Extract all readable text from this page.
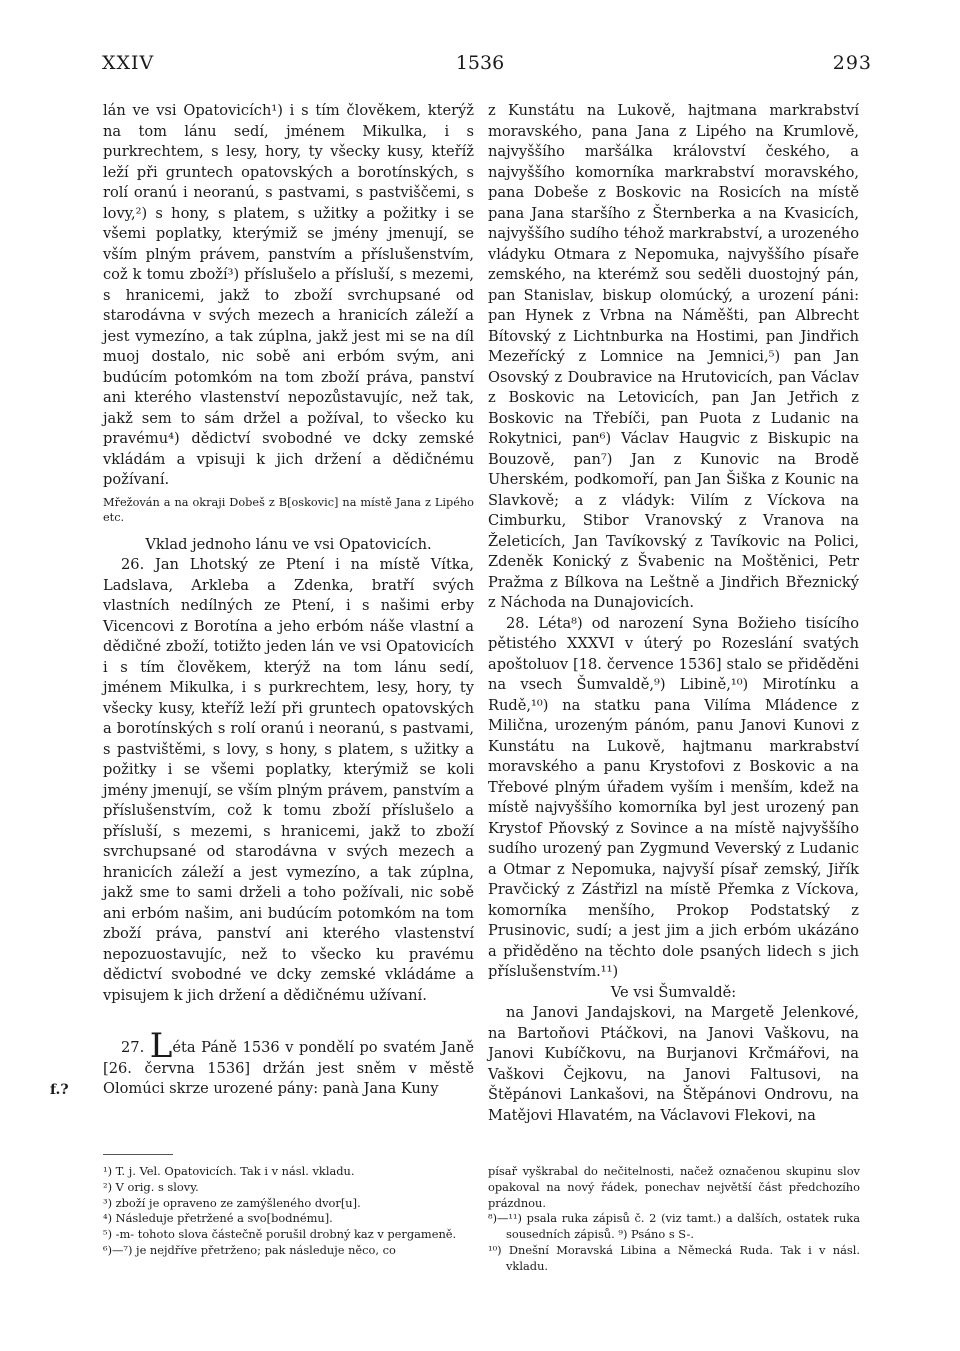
XXIV	1536	293

lán ve vsi Opatovicích¹) i s tím člověkem, kterýž na tom lánu sedí, jménem Mikulka, i s purkrechtem, s lesy, hory, ty všecky kusy, kteříž leží při gruntech opatovských a borotínských, s rolí oranú i neoranú, s pastvami, s pastviščemi, s lovy,²) s hony, s platem, s užitky a požitky i se všemi poplatky, kterýmiž se jmény jmenují, se vším plným právem, panstvím a příslušenstvím, což k tomu zboží³) příslušelo a přísluší, s mezemi, s hranicemi, jakž to zboží svrchupsané od starodávna v svých mezech a hranicích záleží a jest vymezíno, a tak zúplna, jakž jest mi se na díl muoj dostalo, nic sobě ani erbóm svým, ani budúcím potomkóm na tom zboží práva, panství ani kterého vlastenství nepozůstavujíc, než tak, jakž sem to sám držel a požíval, to všecko ku pravému⁴) dědictví svobodné ve dcky zemské vkládám a vpisuji k jich držení a dědičnému požívaní.

Mřežován a na okraji Dobeš z B[oskovic] na místě Jana z Lipého etc.

Vklad jednoho lánu ve vsi Opatovicích.

26. Jan Lhotský ze Ptení i na místě Vítka, Ladslava, Arkleba a Zdenka, bratří svých vlastních nedílných ze Ptení, i s našimi erby Vicencovi z Borotína a jeho erbóm náše vlastní a dědičné zboží, totižto jeden lán ve vsi Opatovicích i s tím člověkem, kterýž na tom lánu sedí, jménem Mikulka, i s purkrechtem, lesy, hory, ty všecky kusy, kteříž leží při gruntech opatovských a borotínských s rolí oranú i neoranú, s pastvami, s pastvištěmi, s lovy, s hony, s platem, s užitky a požitky i se všemi poplatky, kterýmiž se koli jmény jmenují, se vším plným právem, panstvím a příslušenstvím, což k tomu zboží příslušelo a přísluší, s mezemi, s hranicemi, jakž to zboží svrchupsané od starodávna v svých mezech a hranicích záleží a jest vymezíno, a tak zúplna, jakž sme to sami drželi a toho požívali, nic sobě ani erbóm našim, ani budúcím potomkóm na tom zboží práva, panství ani kterého vlastenství nepozuostavujíc, než to všecko ku pravému dědictví svobodné ve dcky zemské vkládáme a vpisujem k jich držení a dědičnému užívaní.

27. Léta Páně 1536 v pondělí po svatém Janě [26. června 1536] držán jest sněm v městě Olomúci skrze urozené pány: panà Jana Kuny

f.?

z Kunstátu na Lukově, hajtmana markrabství moravského, pana Jana z Lipého na Krumlově, najvyššího maršálka království českého, a najvyššího komorníka markrabství moravského, pana Dobeše z Boskovic na Rosicích na místě pana Jana staršího z Šternberka a na Kvasicích, najvyššího sudího téhož markrabství, a urozeného vládyku Otmara z Nepomuka, najvyššího písaře zemského, na kterémž sou seděli duostojný pán, pan Stanislav, biskup olomúcký, a urození páni: pan Hynek z Vrbna na Náměšti, pan Albrecht Bítovský z Lichtnburka na Hostimi, pan Jindřich Mezeřícký z Lomnice na Jemnici,⁵) pan Jan Osovský z Doubravice na Hrutovicích, pan Václav z Boskovic na Letovicích, pan Jan Jetřich z Boskovic na Třebíči, pan Puota z Ludanic na Rokytnici, pan⁶) Václav Haugvic z Biskupic na Bouzově, pan⁷) Jan z Kunovic na Brodě Uherském, podkomoří, pan Jan Šiška z Kounic na Slavkově; a z vládyk: Vilím z Víckova na Cimburku, Stibor Vranovský z Vranova na Želeticích, Jan Tavíkovský z Tavíkovic na Polici, Zdeněk Konický z Švabenic na Moštěnici, Petr Pražma z Bílkova na Leštně a Jindřich Březnický z Náchoda na Dunajovicích.

28. Léta⁸) od narození Syna Božieho tisícího pětistého XXXVI v úterý po Rozeslání svatých apoštoluov [18. července 1536] stalo se přiděděni na vsech Šumvaldě,⁹) Libině,¹⁰) Mirotínku a Rudě,¹⁰) na statku pana Vilíma Mládence z Milična, urozeným pánóm, panu Janovi Kunovi z Kunstátu na Lukově, hajtmanu markrabství moravského a panu Krystofovi z Boskovic a na Třebové plným úřadem vyším i menším, kdež na místě najvyššího komorníka byl jest urozený pan Krystof Pňovský z Sovince a na místě najvyššího sudího urozený pan Zygmund Veverský z Ludanic a Otmar z Nepomuka, najvyší písař zemský, Jiřík Pravčický z Zástřizl na místě Přemka z Víckova, komorníka menšího, Prokop Podstatský z Prusinovic, sudí; a jest jim a jich erbóm ukázáno a přiděděno na těchto dole psaných lidech s jich příslušenstvím.¹¹)

Ve vsi Šumvaldě:

na Janovi Jandajskovi, na Margetě Jelenkové, na Bartoňovi Ptáčkovi, na Janovi Vaškovu, na Janovi Kubíčkovu, na Burjanovi Krčmářovi, na Vaškovi Čejkovu, na Janovi Faltusovi, na Štěpánovi Lankašovi, na Štěpánovi Ondrovu, na Matějovi Hlavatém, na Václavovi Flekovi, na

¹) T. j. Vel. Opatovicích. Tak i v násl. vkladu.

²) V orig. s slovy.

³) zboží je opraveno ze zamýšleného dvor[u].

⁴) Následuje přetržené a svo[bodnému].

⁵) -m- tohoto slova částečně porušil drobný kaz v pergameně.

⁶)—⁷) je nejdříve přetrženo; pak následuje něco, co

písař vyškrabal do nečitelnosti, načež označenou skupinu slov opakoval na nový řádek, ponechav největší část předchozího prázdnou.

⁸)—¹¹) psala ruka zápisů č. 2 (viz tamt.) a dalších, ostatek ruka sousedních zápisů. ⁹) Psáno s S-.

¹⁰) Dnešní Moravská Libina a Německá Ruda. Tak i v násl. vkladu.
